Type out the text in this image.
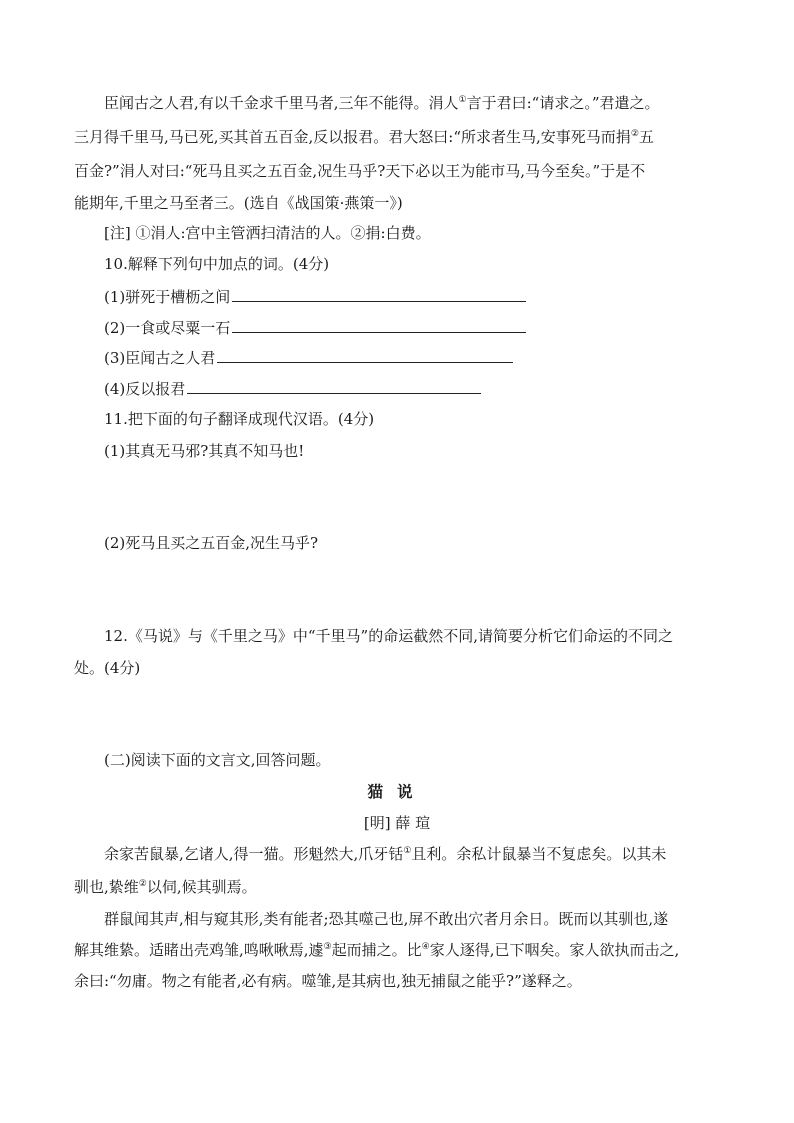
臣闻古之人君,有以千金求千里马者,三年不能得。涓人①言于君曰:“请求之。”君遣之。
三月得千里马,马已死,买其首五百金,反以报君。君大怒曰:“所求者生马,安事死马而捐②五
百金?”涓人对曰:“死马且买之五百金,况生马乎?天下必以王为能市马,马今至矣。”于是不
能期年,千里之马至者三。(选自《战国策·燕策一》)
[注] ①涓人:宫中主管洒扫清洁的人。②捐:白费。
10.解释下列句中加点的词。(4分)
(1)骈死于槽枥之间
(2)一食或尽粟一石
(3)臣闻古之人君
(4)反以报君
11.把下面的句子翻译成现代汉语。(4分)
(1)其真无马邪?其真不知马也!
(2)死马且买之五百金,况生马乎?
12.《马说》与《千里之马》中“千里马”的命运截然不同,请简要分析它们命运的不同之
处。(4分)
(二)阅读下面的文言文,回答问题。
猫说
[明] 薛 瑄
余家苦鼠暴,乞诸人,得一猫。形魁然大,爪牙铦①且利。余私计鼠暴当不复虑矣。以其未
驯也,絷维②以伺,候其驯焉。
群鼠闻其声,相与窥其形,类有能者;恐其噬己也,屏不敢出穴者月余日。既而以其驯也,遂
解其维絷。适睹出壳鸡雏,鸣啾啾焉,遽③起而捕之。比④家人逐得,已下咽矣。家人欲执而击之,
余曰:“勿庸。物之有能者,必有病。噬雏,是其病也,独无捕鼠之能乎?”遂释之。
